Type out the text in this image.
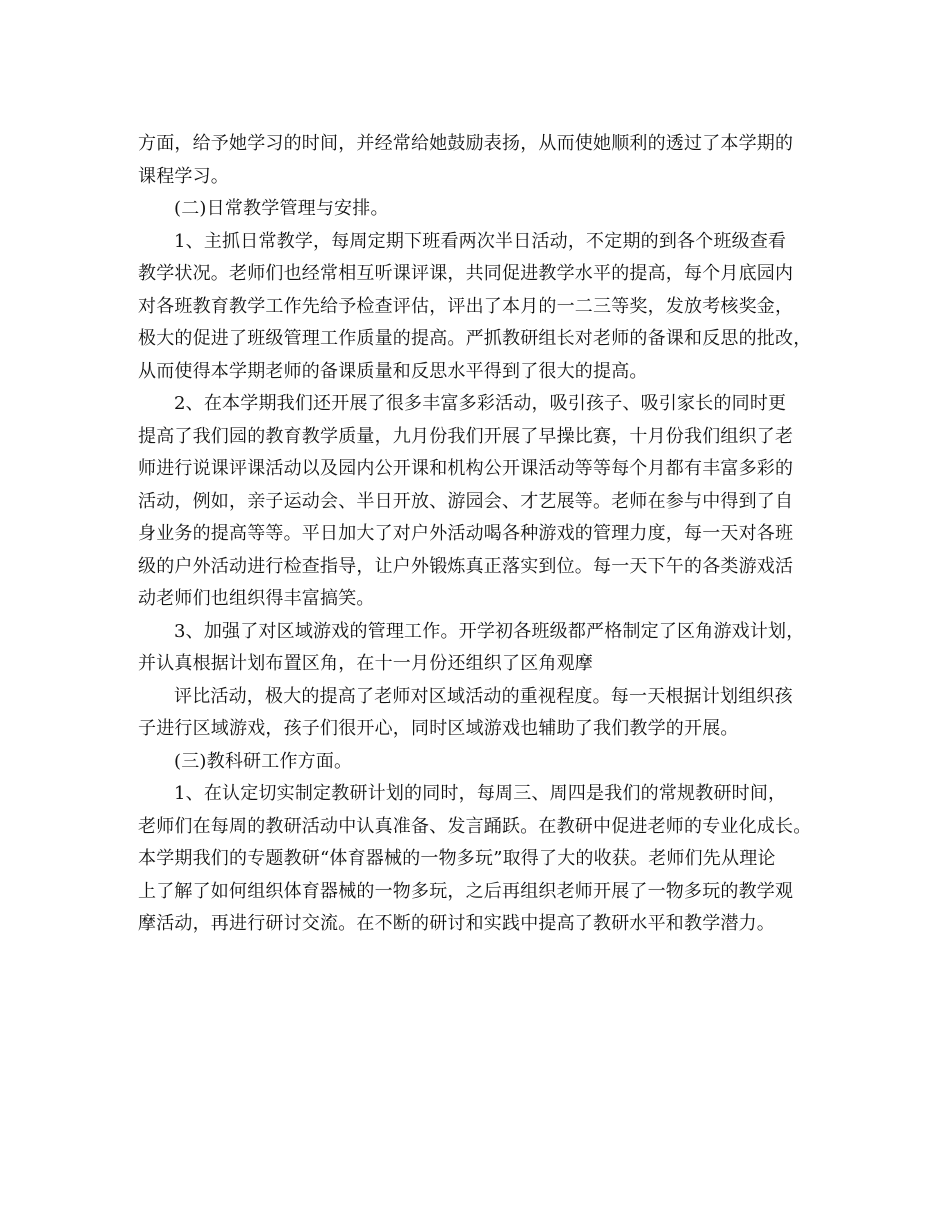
方面，给予她学习的时间，并经常给她鼓励表扬，从而使她顺利的透过了本学期的
课程学习。
(二)日常教学管理与安排。
1、主抓日常教学，每周定期下班看两次半日活动，不定期的到各个班级查看
教学状况。老师们也经常相互听课评课，共同促进教学水平的提高，每个月底园内
对各班教育教学工作先给予检查评估，评出了本月的一二三等奖，发放考核奖金，
极大的促进了班级管理工作质量的提高。严抓教研组长对老师的备课和反思的批改，
从而使得本学期老师的备课质量和反思水平得到了很大的提高。
2、在本学期我们还开展了很多丰富多彩活动，吸引孩子、吸引家长的同时更
提高了我们园的教育教学质量，九月份我们开展了早操比赛，十月份我们组织了老
师进行说课评课活动以及园内公开课和机构公开课活动等等每个月都有丰富多彩的
活动，例如，亲子运动会、半日开放、游园会、才艺展等。老师在参与中得到了自
身业务的提高等等。平日加大了对户外活动喝各种游戏的管理力度，每一天对各班
级的户外活动进行检查指导，让户外锻炼真正落实到位。每一天下午的各类游戏活
动老师们也组织得丰富搞笑。
3、加强了对区域游戏的管理工作。开学初各班级都严格制定了区角游戏计划，
并认真根据计划布置区角，在十一月份还组织了区角观摩
评比活动，极大的提高了老师对区域活动的重视程度。每一天根据计划组织孩
子进行区域游戏，孩子们很开心，同时区域游戏也辅助了我们教学的开展。
(三)教科研工作方面。
1、在认定切实制定教研计划的同时，每周三、周四是我们的常规教研时间，
老师们在每周的教研活动中认真准备、发言踊跃。在教研中促进老师的专业化成长。
本学期我们的专题教研“体育器械的一物多玩”取得了大的收获。老师们先从理论
上了解了如何组织体育器械的一物多玩，之后再组织老师开展了一物多玩的教学观
摩活动，再进行研讨交流。在不断的研讨和实践中提高了教研水平和教学潜力。
